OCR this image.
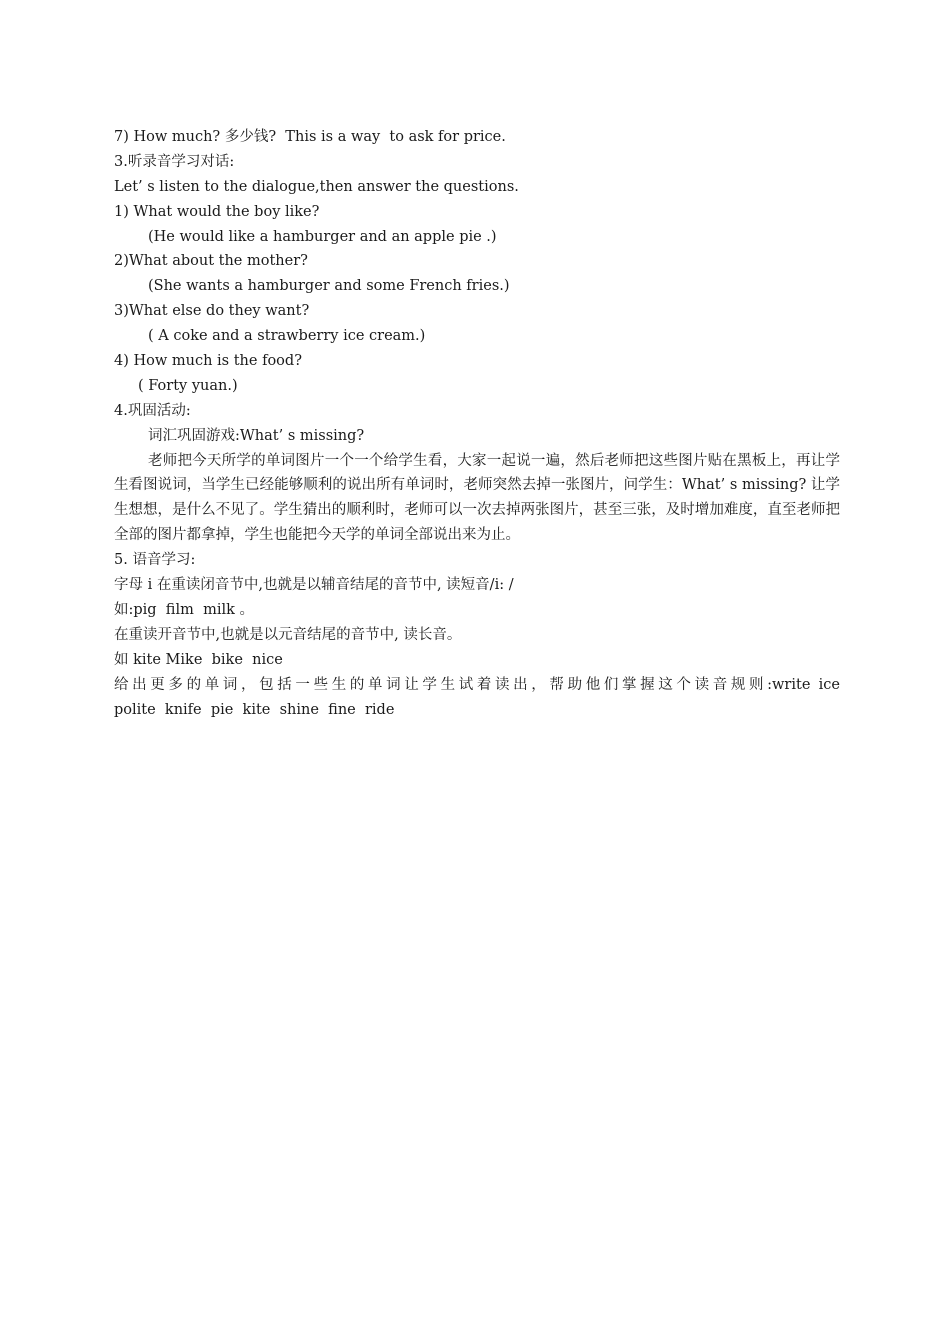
7) How much? 多少钱?  This is a way  to ask for price.
3.听录音学习对话:
Let’ s listen to the dialogue,then answer the questions.
1) What would the boy like?
(He would like a hamburger and an apple pie .)
2)What about the mother?
(She wants a hamburger and some French fries.)
3)What else do they want?
( A coke and a strawberry ice cream.)
4) How much is the food?
( Forty yuan.)
4.巩固活动:
词汇巩固游戏:What’ s missing?

老师把今天所学的单词图片一个一个给学生看，大家一起说一遍，然后老师把这些图片贴在黑板上，再让学生看图说词，当学生已经能够顺利的说出所有单词时，老师突然去掉一张图片，问学生：What’ s missing? 让学生想想，是什么不见了。学生猜出的顺利时，老师可以一次去掉两张图片，甚至三张，及时增加难度，直至老师把全部的图片都拿掉，学生也能把今天学的单词全部说出来为止。

5. 语音学习:
字母 i 在重读闭音节中,也就是以辅音结尾的音节中, 读短音/i: /
如:pig  film  milk 。
在重读开音节中,也就是以元音结尾的音节中, 读长音。
如 kite Mike  bike  nice
给出更多的单词，包括一些生的单词让学生试着读出，帮助他们掌握这个读音规则:write ice
polite  knife  pie  kite  shine  fine  ride
